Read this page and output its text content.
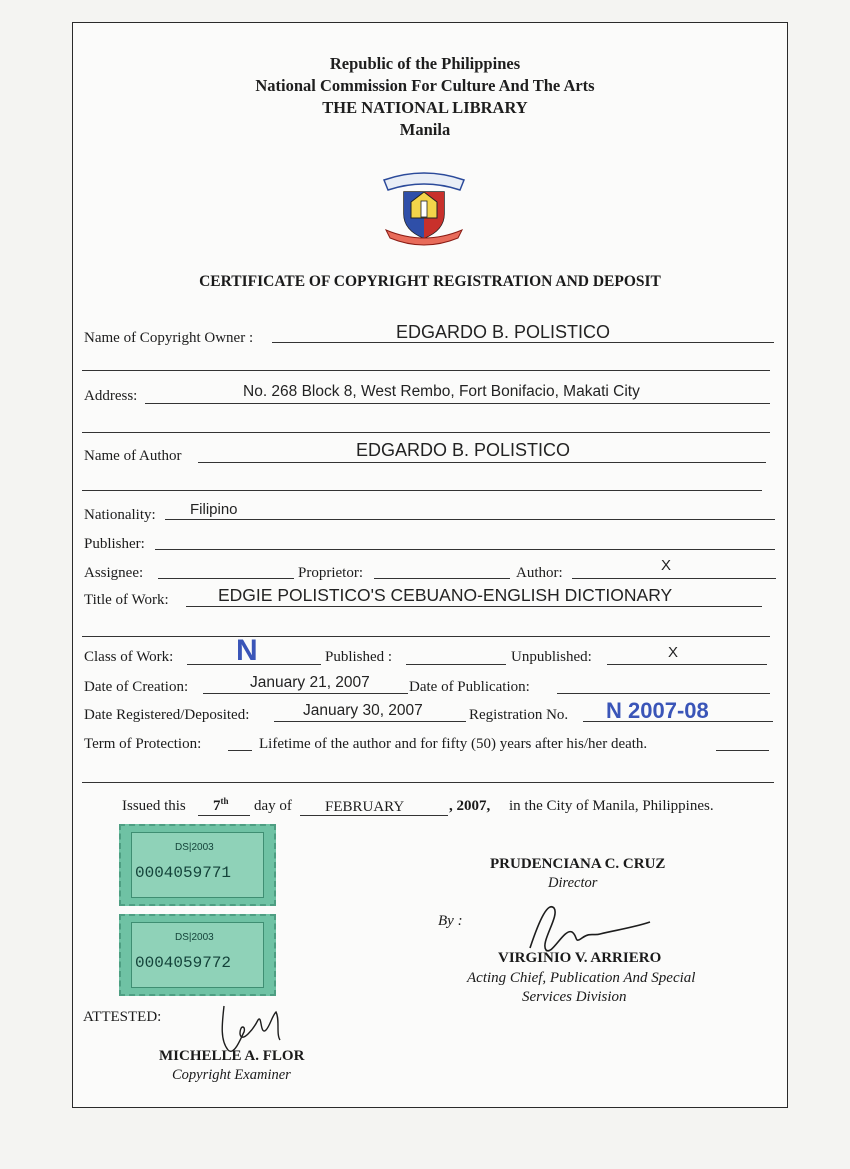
Republic of the Philippines
National Commission For Culture And The Arts
THE NATIONAL LIBRARY
Manila
CERTIFICATE OF COPYRIGHT REGISTRATION AND DEPOSIT
Name of Copyright Owner :	EDGARDO B. POLISTICO
Address:	No. 268 Block 8, West Rembo, Fort Bonifacio, Makati City
Name of Author	EDGARDO B. POLISTICO
Nationality: Filipino
Publisher:
Assignee:	Proprietor:	Author:	X
Title of Work:	EDGIE POLISTICO'S CEBUANO-ENGLISH DICTIONARY
Class of Work: N	Published :	Unpublished:	X
Date of Creation:	January 21, 2007	Date of Publication:
Date Registered/Deposited:	January 30, 2007	Registration No. N 2007-08
Term of Protection:	Lifetime of the author and for fifty (50) years after his/her death.
Issued this 7th day of FEBRUARY	, 2007, in the City of Manila, Philippines.
DS|2003
0004059771
DS|2003
0004059772
PRUDENCIANA C. CRUZ
Director
By :
VIRGINIO V. ARRIERO
Acting Chief, Publication And Special
Services Division
ATTESTED:
MICHELLE A. FLOR
Copyright Examiner
